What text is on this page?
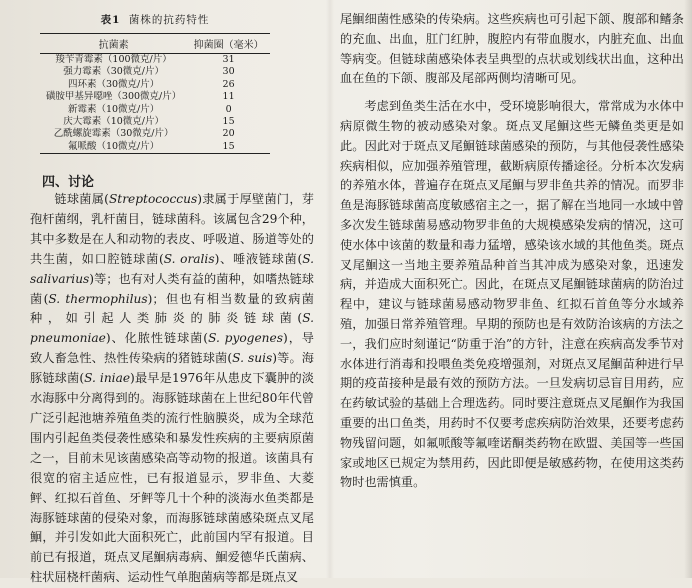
表1 菌株的抗药特性
抗菌素	抑菌圈（毫米）
羧苄青霉素（100微克/片）	31
强力霉素（30微克/片）	30
四环素（30微克/片）	26
磺胺甲基异噁唑（300微克/片）	11
新霉素（10微克/片）	0
庆大霉素（10微克/片）	15
乙酰螺旋霉素（30微克/片）	20
氟哌酸（10微克/片）	15
四、讨论

链球菌属(Streptococcus)隶属于厚壁菌门，芽孢杆菌纲，乳杆菌目，链球菌科。该属包含29个种，其中多数是在人和动物的表皮、呼吸道、肠道等处的共生菌，如口腔链球菌(S. oralis)、唾液链球菌(S. salivarius)等；也有对人类有益的菌种，如嗜热链球菌(S. thermophilus)；但也有相当数量的致病菌种，如引起人类肺炎的肺炎链球菌(S. pneumoniae)、化脓性链球菌(S. pyogenes)，导致人畜急性、热性传染病的猪链球菌(S. suis)等。海豚链球菌(S. iniae)最早是1976年从患皮下囊肿的淡水海豚中分离得到的。海豚链球菌在上世纪80年代曾广泛引起池塘养殖鱼类的流行性脑膜炎，成为全球范围内引起鱼类侵袭性感染和暴发性疾病的主要病原菌之一，目前未见该菌感染高等动物的报道。该菌具有很宽的宿主适应性，已有报道显示，罗非鱼、大菱鲆、红拟石首鱼、牙鲆等几十个种的淡海水鱼类都是海豚链球菌的侵染对象，而海豚链球菌感染斑点叉尾鮰，并引发如此大面积死亡，此前国内罕有报道。目前已有报道，斑点叉尾鮰病毒病、鮰爱德华氏菌病、柱状屈桡杆菌病、运动性气单胞菌病等都是斑点叉

尾鮰细菌性感染的传染病。这些疾病也可引起下颌、腹部和鳍条的充血、出血，肛门红肿，腹腔内有带血腹水，内脏充血、出血等病变。但链球菌感染体表呈典型的点状或划线状出血，这种出血在鱼的下颌、腹部及尾部两侧均清晰可见。

考虑到鱼类生活在水中，受环境影响很大，常常成为水体中病原微生物的被动感染对象。斑点叉尾鮰这些无鳞鱼类更是如此。因此对于斑点叉尾鮰链球菌感染的预防，与其他侵袭性感染疾病相似，应加强养殖管理，截断病原传播途径。分析本次发病的养殖水体，普遍存在斑点叉尾鮰与罗非鱼共养的情况。而罗非鱼是海豚链球菌高度敏感宿主之一，据了解在当地同一水域中曾多次发生链球菌易感动物罗非鱼的大规模感染发病的情况，这可使水体中该菌的数量和毒力猛增，感染该水域的其他鱼类。斑点叉尾鮰这一当地主要养殖品种首当其冲成为感染对象，迅速发病，并造成大面积死亡。因此，在斑点叉尾鮰链球菌病的防治过程中，建议与链球菌易感动物罗非鱼、红拟石首鱼等分水域养殖，加强日常养殖管理。早期的预防也是有效防治该病的方法之一，我们应时刻谨记“防重于治”的方针，注意在疾病高发季节对水体进行消毒和投喂鱼类免疫增强剂，对斑点叉尾鮰苗种进行早期的疫苗接种是最有效的预防方法。一旦发病切忌盲目用药，应在药敏试验的基础上合理选药。同时要注意斑点叉尾鮰作为我国重要的出口鱼类，用药时不仅要考虑疾病防治效果，还要考虑药物残留问题，如氟哌酸等氟喹诺酮类药物在欧盟、美国等一些国家或地区已规定为禁用药，因此即便是敏感药物，在使用这类药物时也需慎重。
